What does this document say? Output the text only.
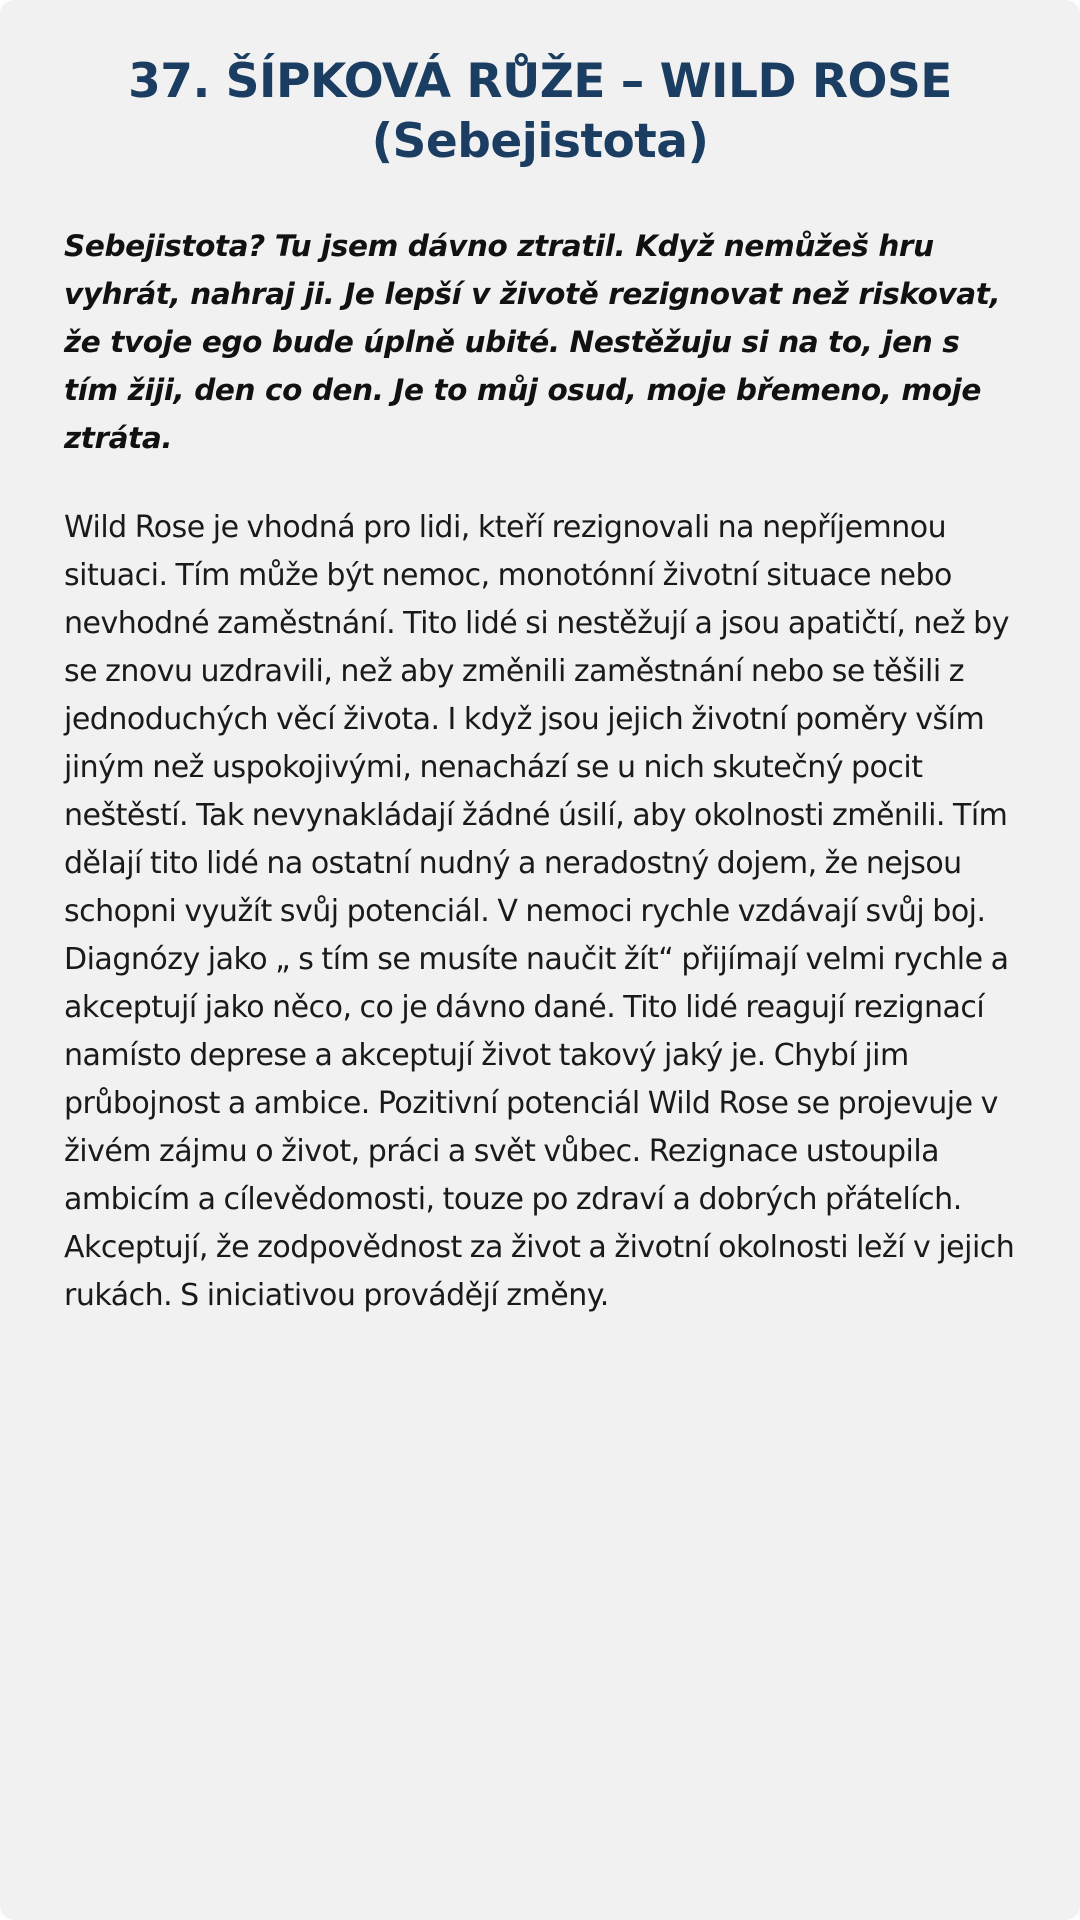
37. ŠÍPKOVÁ RŮŽE – WILD ROSE
(Sebejistota)

Sebejistota? Tu jsem dávno ztratil. Když nemůžeš hru vyhrát, nahraj ji. Je lepší v životě rezignovat než riskovat, že tvoje ego bude úplně ubité. Nestěžuju si na to, jen s tím žiji, den co den. Je to můj osud, moje břemeno, moje ztráta.

Wild Rose je vhodná pro lidi, kteří rezignovali na nepříjemnou situaci. Tím může být nemoc, monotónní životní situace nebo nevhodné zaměstnání. Tito lidé si nestěžují a jsou apatičtí, než by se znovu uzdravili, než aby změnili zaměstnání nebo se těšili z jednoduchých věcí života. I když jsou jejich životní poměry vším jiným než uspokojivými, nenachází se u nich skutečný pocit neštěstí. Tak nevynakládají žádné úsilí, aby okolnosti změnili. Tím dělají tito lidé na ostatní nudný a neradostný dojem, že nejsou schopni využít svůj potenciál. V nemoci rychle vzdávají svůj boj. Diagnózy jako „ s tím se musíte naučit žít“ přijímají velmi rychle a akceptují jako něco, co je dávno dané. Tito lidé reagují rezignací namísto deprese a akceptují život takový jaký je. Chybí jim průbojnost a ambice. Pozitivní potenciál Wild Rose se projevuje v živém zájmu o život, práci a svět vůbec. Rezignace ustoupila ambicím a cílevědomosti, touze po zdraví a dobrých přátelích. Akceptují, že zodpovědnost za život a životní okolnosti leží v jejich rukách. S iniciativou provádějí změny.
